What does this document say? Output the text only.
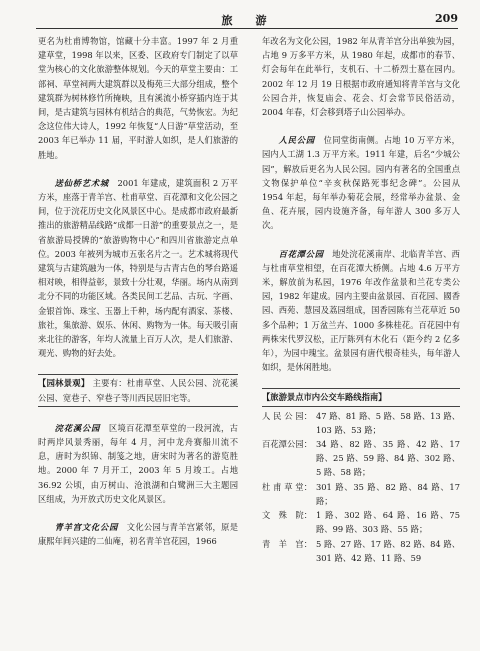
旅　游	209

更名为杜甫博物馆，馆藏十分丰富。1997 年 2 月重建草堂，1998 年以来，区委、区政府专门制定了以草堂为核心的文化旅游整体规划。今天的草堂主要由：工部祠、草堂祠两大建筑群以及梅苑三大部分组成，整个建筑群为树林修竹所掩映，且有溪流小桥穿插内连于其间，是古建筑与园林有机结合的典范，气势恢宏。为纪念这位伟大诗人，1992 年恢复“人日游”草堂活动，至 2003 年已举办 11 届，平时游人如织，是人们旅游的胜地。

送仙桥艺术城　 2001 年建成，建筑面积 2 万平方米，座落于青羊宫、杜甫草堂、百花潭和文化公园之间，位于浣花历史文化风景区中心。是成都市政府最新推出的旅游精品线路“成都一日游”的重要景点之一，是省旅游局授牌的“旅游购物中心”和四川省旅游定点单位。2003 年被列为城市五张名片之一。艺术城将现代建筑与古建筑融为一体，特别是与古青古色的琴台路遥相对映，相得益彰，景致十分壮观，华丽。场内从南到北分不同的功能区域。各类民间工艺品、古玩、字画、金银首饰、珠宝、玉器上千种，场内配有酒家、茶楼、旅社，集旅游、娱乐、休闲、购物为一体。每天吸引南来北往的游客，年均人流量上百万人次，是人们旅游、观光、购物的好去处。

【园林景观】 主要有：杜甫草堂、人民公园、浣花溪公园、宽巷子、窄巷子等川西民居旧宅等。

浣花溪公园　 区境百花潭至草堂的一段河流，古时两岸风景秀丽，每年 4 月，河中龙舟赛船川流不息，唐时为织锦、制笺之地，唐宋时为著名的游览胜地。2000 年 7 月开工，2003 年 5 月竣工。占地 36.92 公顷，由万树山、沧浪湖和白鹭洲三大主题园区组成，为开放式历史文化风景区。

青羊宫文化公园　 文化公园与青羊宫紧邻，原是康熙年间兴建的二仙庵，初名青羊宫花园，1966

年改名为文化公园，1982 年从青羊宫分出单独为园，占地 9 万多平方米，从 1980 年起，成都市的春节、灯会每年在此举行，支机石、十二桥烈士墓在园内。2002 年 12 月 19 日根据市政府通知将青羊宫与文化公园合并，恢复庙会、花会、灯会常节民俗活动，2004 年春，灯会移到塔子山公园举办。

人民公园　 位同堂街南侧。占地 10 万平方米，园内人工湖 1.3 万平方米。1911 年建，后名“少城公园”，解放后更名为人民公园。园内有著名的全国重点文物保护单位“辛亥秋保路死事纪念碑”。公园从 1954 年起，每年举办菊花会展，经常举办盆景、金鱼、花卉展，园内设施齐备，每年游人 300 多万人次。

百花潭公园　 地处浣花溪南岸、北临青羊宫、西与杜甫草堂相望，在百花潭大桥侧。占地 4.6 万平方米，解放前为私园，1976 年改作盆景和兰花专类公园，1982 年建成。园内主要由盆景园、百花园、國香园、西苑、慧园及荔园组成，国香园陈有兰花草近 50 多个品种；1 万盆兰卉、1000 多株桂花。百花园中有两株宋代罗汉松，正厅陈列有木化石（距今约 2 亿多年），为园中瑰宝。盆景园有唐代根奇桂头，每年游人如织，是休闲胜地。

【旅游景点市内公交车路线指南】
人 民 公 园： 47 路、81 路、5 路、58 路、13 路、103 路、53 路；
百花潭公园： 34 路、82 路、35 路、42 路、17 路、25 路、59 路、84 路、302 路、5 路、58 路；
杜 甫 草 堂： 301 路、35 路、82 路、84 路、17 路；
文　殊　院： 1 路、302 路、64 路、16 路、75 路、99 路、303 路、55 路；
青　羊　宫： 5 路、27 路、17 路、82 路、84 路、301 路、42 路、11 路、59
